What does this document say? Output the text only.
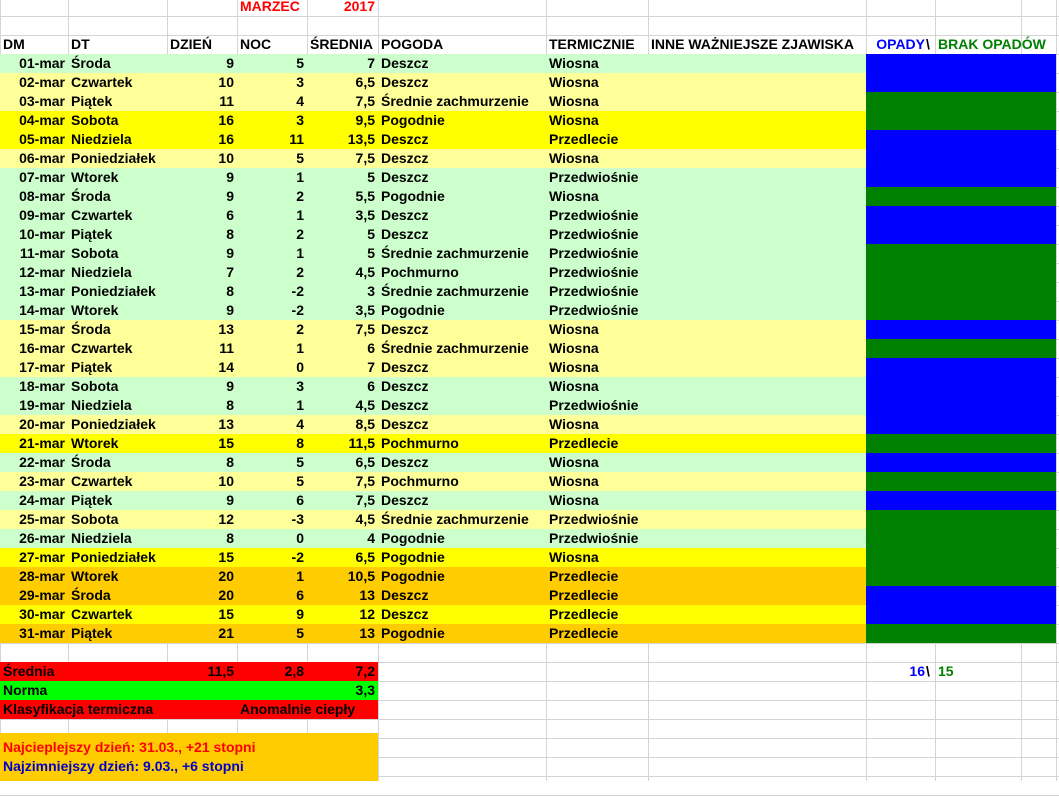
MARZEC	2017
DM	DT	DZIEŃ	NOC	ŚREDNIA POGODA	TERMICZNIE	INNE WAŻNIEJSZE ZJAWISKA	OPADY \ BRAK OPADÓW
01-mar Środa	9	5	7 Deszcz	Wiosna
02-mar Czwartek	10	3	6,5 Deszcz	Wiosna
03-mar Piątek	11	4	7,5 Średnie zachmurzenie	Wiosna
04-mar Sobota	16	3	9,5 Pogodnie	Wiosna
05-mar Niedziela	16	11	13,5 Deszcz	Przedlecie
06-mar Poniedziałek	10	5	7,5 Deszcz	Wiosna
07-mar Wtorek	9	1	5 Deszcz	Przedwiośnie
08-mar Środa	9	2	5,5 Pogodnie	Wiosna
09-mar Czwartek	6	1	3,5 Deszcz	Przedwiośnie
10-mar Piątek	8	2	5 Deszcz	Przedwiośnie
11-mar Sobota	9	1	5 Średnie zachmurzenie	Przedwiośnie
12-mar Niedziela	7	2	4,5 Pochmurno	Przedwiośnie
13-mar Poniedziałek	8	-2	3 Średnie zachmurzenie	Przedwiośnie
14-mar Wtorek	9	-2	3,5 Pogodnie	Przedwiośnie
15-mar Środa	13	2	7,5 Deszcz	Wiosna
16-mar Czwartek	11	1	6 Średnie zachmurzenie	Wiosna
17-mar Piątek	14	0	7 Deszcz	Wiosna
18-mar Sobota	9	3	6 Deszcz	Wiosna
19-mar Niedziela	8	1	4,5 Deszcz	Przedwiośnie
20-mar Poniedziałek	13	4	8,5 Deszcz	Wiosna
21-mar Wtorek	15	8	11,5 Pochmurno	Przedlecie
22-mar Środa	8	5	6,5 Deszcz	Wiosna
23-mar Czwartek	10	5	7,5 Pochmurno	Wiosna
24-mar Piątek	9	6	7,5 Deszcz	Wiosna
25-mar Sobota	12	-3	4,5 Średnie zachmurzenie	Przedwiośnie
26-mar Niedziela	8	0	4 Pogodnie	Przedwiośnie
27-mar Poniedziałek	15	-2	6,5 Pogodnie	Wiosna
28-mar Wtorek	20	1	10,5 Pogodnie	Przedlecie
29-mar Środa	20	6	13 Deszcz	Przedlecie
30-mar Czwartek	15	9	12 Deszcz	Przedlecie
31-mar Piątek	21	5	13 Pogodnie	Przedlecie
Średnia	11,5	2,8	7,2	16 \ 15
Norma	3,3
Klasyfikacja termiczna	Anomalnie ciepły
Najcieplejszy dzień: 31.03., +21 stopni
Najzimniejszy dzień: 9.03., +6 stopni
